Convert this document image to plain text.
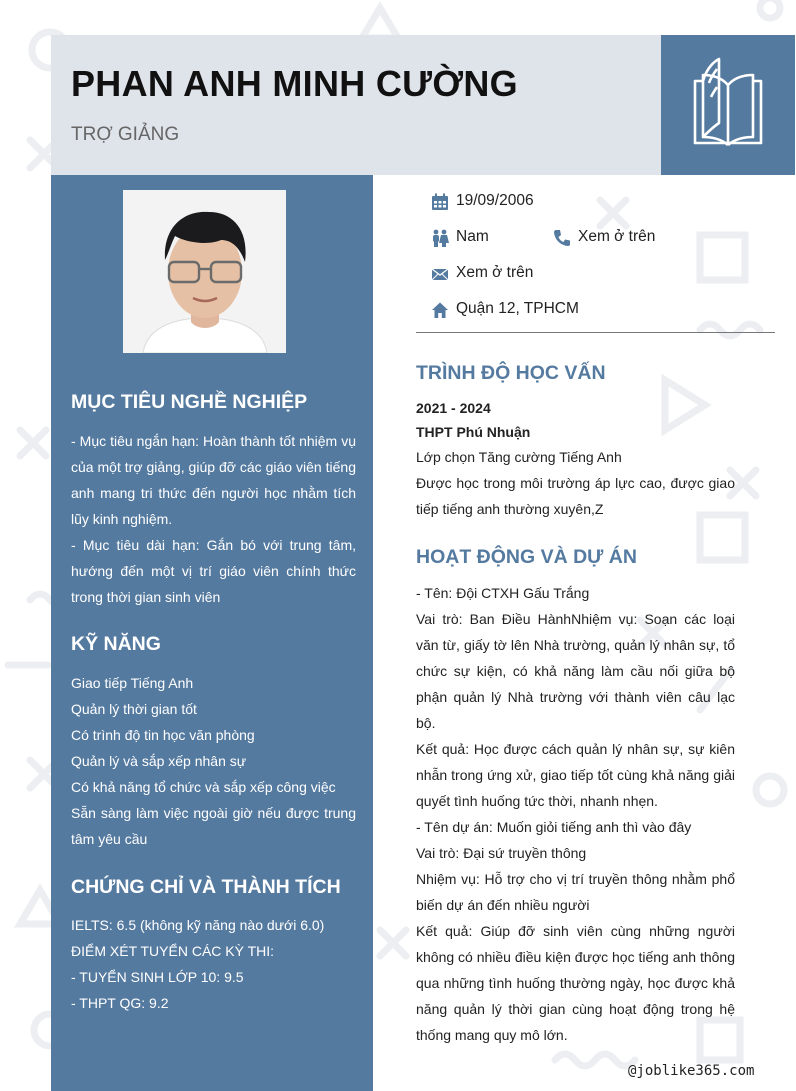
PHAN ANH MINH CƯỜNG
TRỢ GIẢNG
MỤC TIÊU NGHỀ NGHIỆP

- Mục tiêu ngắn hạn: Hoàn thành tốt nhiệm vụ của một trợ giảng, giúp đỡ các giáo viên tiếng anh mang tri thức đến người học nhằm tích lũy kinh nghiệm.
- Mục tiêu dài hạn: Gắn bó với trung tâm, hướng đến một vị trí giáo viên chính thức trong thời gian sinh viên

KỸ NĂNG

Giao tiếp Tiếng Anh
Quản lý thời gian tốt
Có trình độ tin học văn phòng
Quản lý và sắp xếp nhân sự
Có khả năng tổ chức và sắp xếp công việc
Sẵn sàng làm việc ngoài giờ nếu được trung tâm yêu cầu

CHỨNG CHỈ VÀ THÀNH TÍCH

IELTS: 6.5 (không kỹ năng nào dưới 6.0)
ĐIỂM XÉT TUYỂN CÁC KỲ THI:
- TUYỂN SINH LỚP 10: 9.5
- THPT QG: 9.2

19/09/2006
Nam	Xem ở trên
Xem ở trên
Quận 12, TPHCM
TRÌNH ĐỘ HỌC VẤN

2021 - 2024
THPT Phú Nhuận

Lớp chọn Tăng cường Tiếng Anh
Được học trong môi trường áp lực cao, được giao tiếp tiếng anh thường xuyên,Z

HOẠT ĐỘNG VÀ DỰ ÁN

- Tên: Đội CTXH Gấu Trắng
Vai trò: Ban Điều HànhNhiệm vụ: Soạn các loại văn từ, giấy tờ lên Nhà trường, quản lý nhân sự, tổ chức sự kiện, có khả năng làm cầu nối giữa bộ phận quản lý Nhà trường với thành viên câu lạc bộ.
Kết quả: Học được cách quản lý nhân sự, sự kiên nhẫn trong ứng xử, giao tiếp tốt cùng khả năng giải quyết tình huống tức thời, nhanh nhẹn.
- Tên dự án: Muốn giỏi tiếng anh thì vào đây
Vai trò: Đại sứ truyền thông
Nhiệm vụ: Hỗ trợ cho vị trí truyền thông nhằm phổ biến dự án đến nhiều người
Kết quả: Giúp đỡ sinh viên cùng những người không có nhiều điều kiện được học tiếng anh thông qua những tình huống thường ngày, học được khả năng quản lý thời gian cùng hoạt động trong hệ thống mang quy mô lớn.

@joblike365.com
